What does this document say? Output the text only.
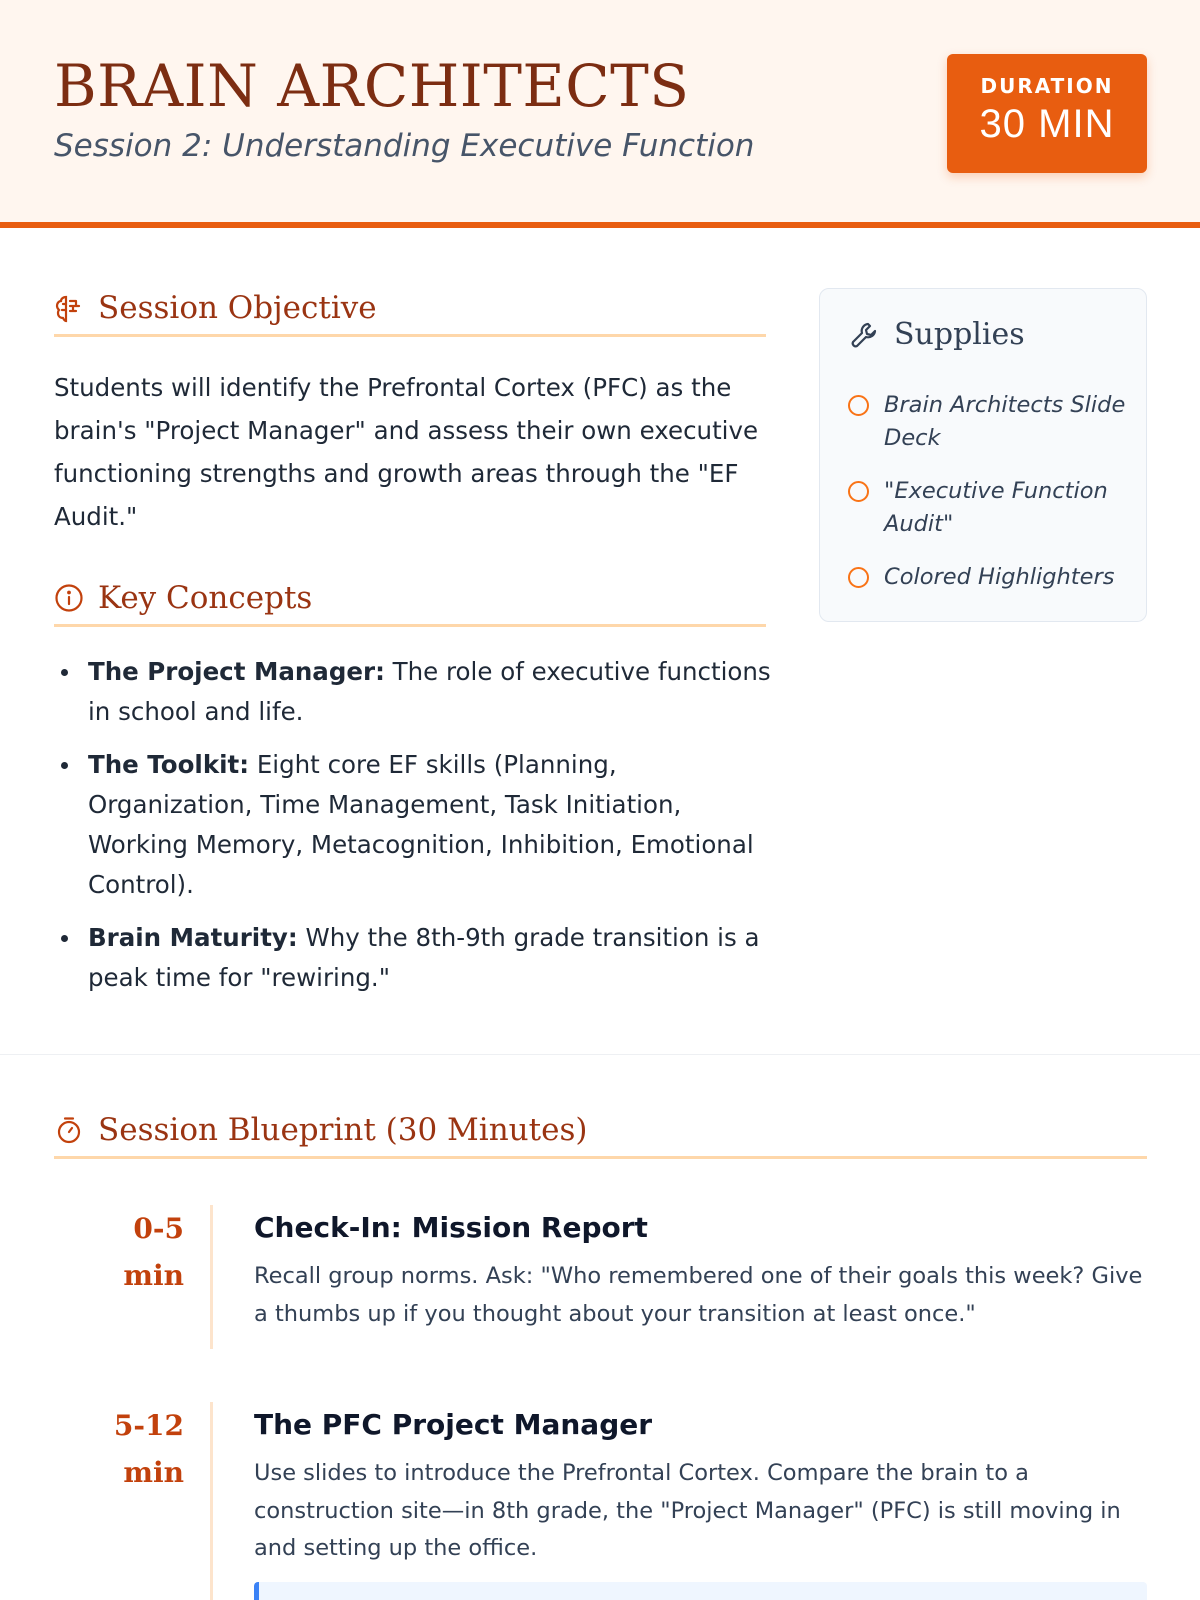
BRAIN ARCHITECTS
Session 2: Understanding Executive Function
DURATION
30 MIN
Session Objective

Students will identify the Prefrontal Cortex (PFC) as the brain's "Project Manager" and assess their own executive functioning strengths and growth areas through the "EF Audit."

Key Concepts
The Project Manager: The role of executive functions in school and life.
The Toolkit: Eight core EF skills (Planning, Organization, Time Management, Task Initiation, Working Memory, Metacognition, Inhibition, Emotional Control).
Brain Maturity: Why the 8th-9th grade transition is a peak time for "rewiring."
Supplies
Brain Architects Slide Deck
"Executive Function Audit"
Colored Highlighters
Session Blueprint (30 Minutes)
0-5
min
Check-In: Mission Report
Recall group norms. Ask: "Who remembered one of their goals this week? Give a thumbs up if you thought about your transition at least once."
5-12
min
The PFC Project Manager
Use slides to introduce the Prefrontal Cortex. Compare the brain to a construction site—in 8th grade, the "Project Manager" (PFC) is still moving in and setting up the office.
